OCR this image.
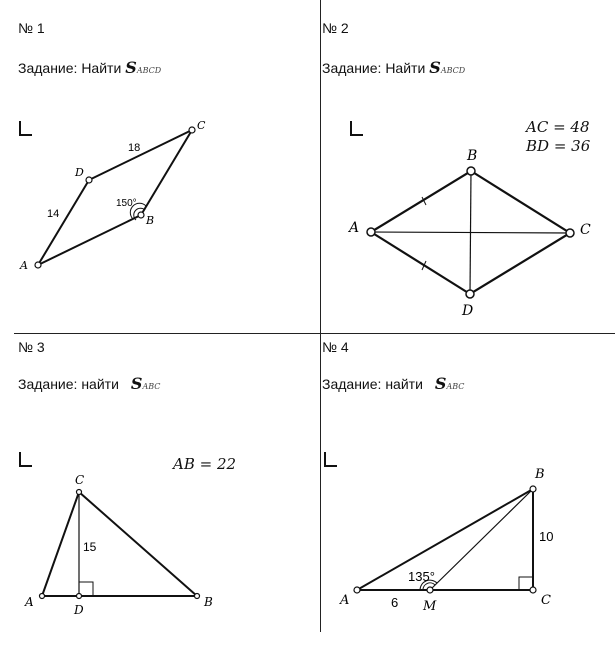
№ 1
Задание: Найти SABCD
№ 2
Задание: Найти SABCD
AC = 48
BD = 36
№ 3
Задание: найти SABC
AB = 22
№ 4
Задание: найти SABC
A
B
C
D
18
14
150°
A
B
C
D
A	B
C
D
15
A
B
C
M
10
6
135°
